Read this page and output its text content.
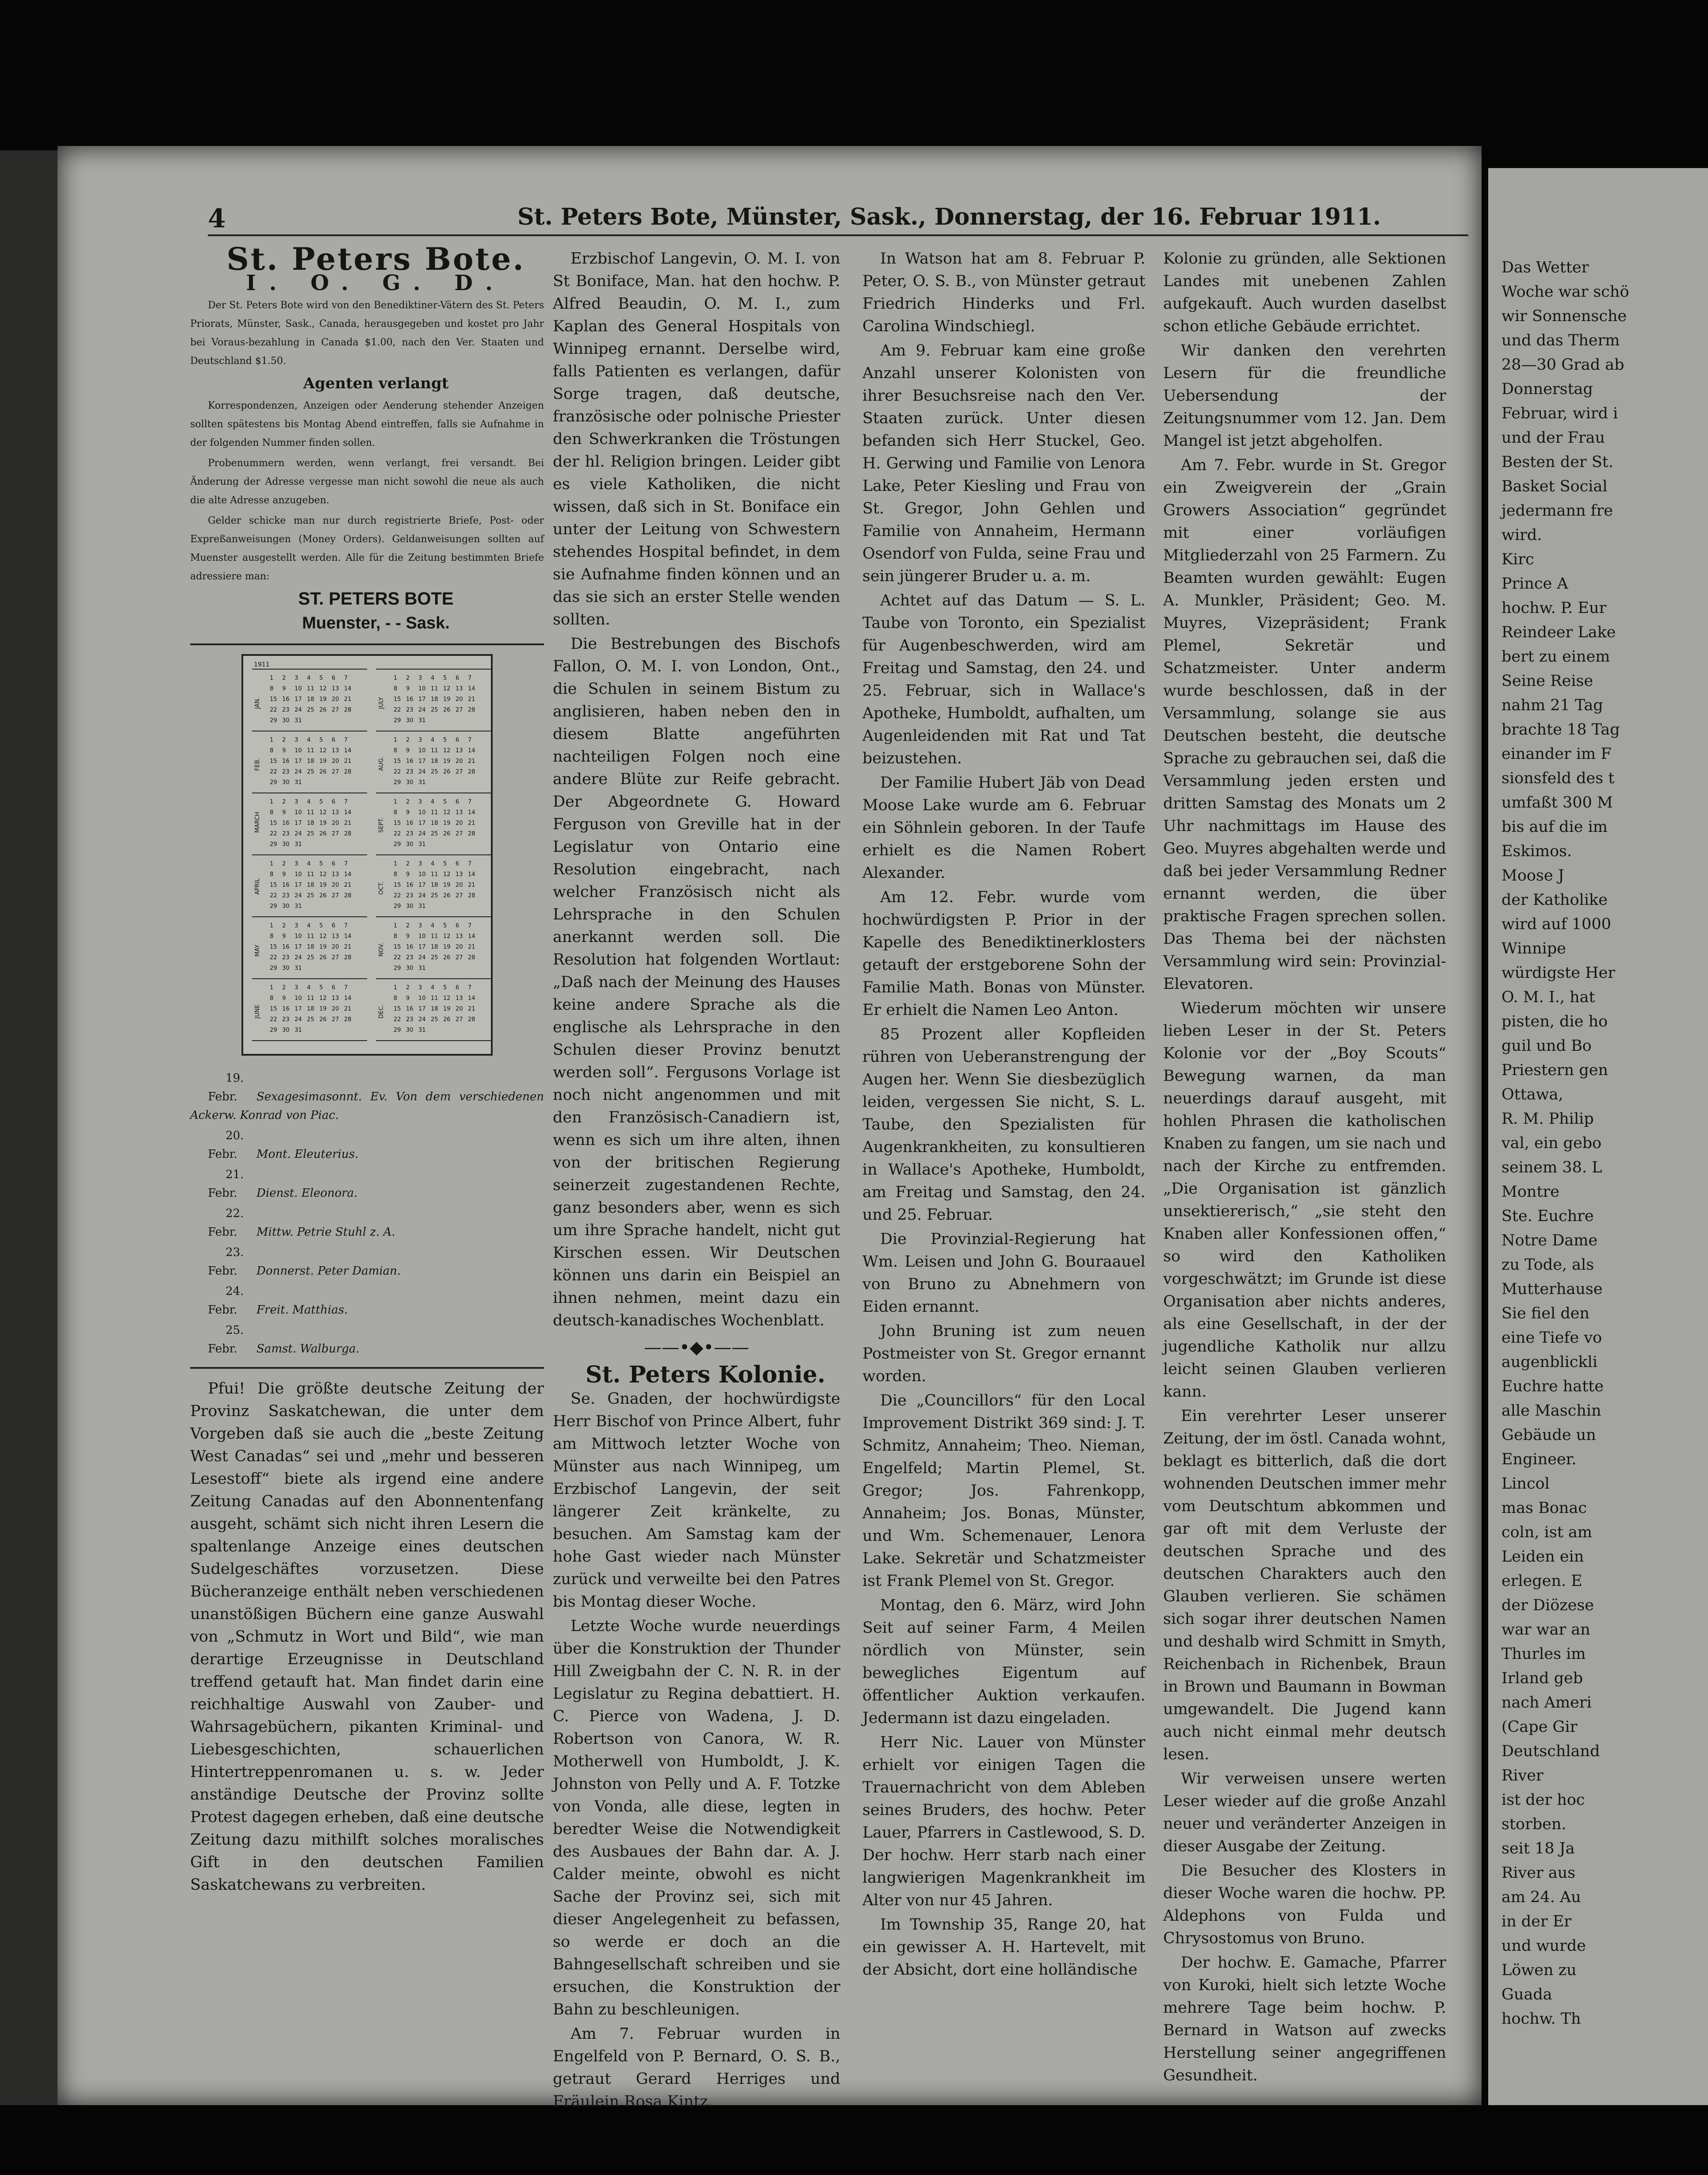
4	St. Peters Bote, Münster, Sask., Donnerstag, der 16. Februar 1911.

St. Peters Bote.

I. O. G. D.

Der St. Peters Bote wird von den Benediktiner-Vätern des St. Peters Priorats, Münster, Sask., Canada, herausgegeben und kostet pro Jahr bei Voraus-bezahlung in Canada $1.00, nach den Ver. Staaten und Deutschland $1.50.

Agenten verlangt

Korrespondenzen, Anzeigen oder Aenderung stehender Anzeigen sollten spätestens bis Montag Abend eintreffen, falls sie Aufnahme in der folgenden Nummer finden sollen.

Probenummern werden, wenn verlangt, frei versandt. Bei Änderung der Adresse vergesse man nicht sowohl die neue als auch die alte Adresse anzugeben.

Gelder schicke man nur durch registrierte Briefe, Post- oder Expreßanweisungen (Money Orders). Geldanweisungen sollten auf Muenster ausgestellt werden. Alle für die Zeitung bestimmten Briefe adressiere man:

ST. PETERS BOTE

Muenster, - - Sask.

1911
JAN.
1 2 3 4 5 6 7
8 9 10 11 12 13 14
15 16 17 18 19 20 21
22 23 24 25 26 27 28
29 30 31
FEB.
1 2 3 4 5 6 7
8 9 10 11 12 13 14
15 16 17 18 19 20 21
22 23 24 25 26 27 28
29 30 31
MARCH
1 2 3 4 5 6 7
8 9 10 11 12 13 14
15 16 17 18 19 20 21
22 23 24 25 26 27 28
29 30 31
APRIL
1 2 3 4 5 6 7
8 9 10 11 12 13 14
15 16 17 18 19 20 21
22 23 24 25 26 27 28
29 30 31
MAY
1 2 3 4 5 6 7
8 9 10 11 12 13 14
15 16 17 18 19 20 21
22 23 24 25 26 27 28
29 30 31
JUNE
1 2 3 4 5 6 7
8 9 10 11 12 13 14
15 16 17 18 19 20 21
22 23 24 25 26 27 28
29 30 31
JULY
1 2 3 4 5 6 7
8 9 10 11 12 13 14
15 16 17 18 19 20 21
22 23 24 25 26 27 28
29 30 31
AUG.
1 2 3 4 5 6 7
8 9 10 11 12 13 14
15 16 17 18 19 20 21
22 23 24 25 26 27 28
29 30 31
SEPT.
1 2 3 4 5 6 7
8 9 10 11 12 13 14
15 16 17 18 19 20 21
22 23 24 25 26 27 28
29 30 31
OCT.
1 2 3 4 5 6 7
8 9 10 11 12 13 14
15 16 17 18 19 20 21
22 23 24 25 26 27 28
29 30 31
NOV.
1 2 3 4 5 6 7
8 9 10 11 12 13 14
15 16 17 18 19 20 21
22 23 24 25 26 27 28
29 30 31
DEC.
1 2 3 4 5 6 7
8 9 10 11 12 13 14
15 16 17 18 19 20 21
22 23 24 25 26 27 28
29 30 31

19. Febr. Sexagesimasonnt. Ev. Von dem verschiedenen Ackerw. Konrad von Piac.

20. Febr. Mont. Eleuterius.

21. Febr. Dienst. Eleonora.

22. Febr. Mittw. Petrie Stuhl z. A.

23. Febr. Donnerst. Peter Damian.

24. Febr. Freit. Matthias.

25. Febr. Samst. Walburga.

Pfui! Die größte deutsche Zeitung der Provinz Saskatchewan, die unter dem Vorgeben daß sie auch die „beste Zeitung West Canadas“ sei und „mehr und besseren Lesestoff“ biete als irgend eine andere Zeitung Canadas auf den Abonnentenfang ausgeht, schämt sich nicht ihren Lesern die spaltenlange Anzeige eines deutschen Sudelgeschäftes vorzusetzen. Diese Bücheranzeige enthält neben verschiedenen unanstößigen Büchern eine ganze Auswahl von „Schmutz in Wort und Bild“, wie man derartige Erzeugnisse in Deutschland treffend getauft hat. Man findet darin eine reichhaltige Auswahl von Zauber- und Wahrsagebüchern, pikanten Kriminal- und Liebesgeschichten, schauerlichen Hintertreppenromanen u. s. w. Jeder anständige Deutsche der Provinz sollte Protest dagegen erheben, daß eine deutsche Zeitung dazu mithilft solches moralisches Gift in den deutschen Familien Saskatchewans zu verbreiten.

Erzbischof Langevin, O. M. I. von St Boniface, Man. hat den hochw. P. Alfred Beaudin, O. M. I., zum Kaplan des General Hospitals von Winnipeg ernannt. Derselbe wird, falls Patienten es verlangen, dafür Sorge tragen, daß deutsche, französische oder polnische Priester den Schwerkranken die Tröstungen der hl. Religion bringen. Leider gibt es viele Katholiken, die nicht wissen, daß sich in St. Boniface ein unter der Leitung von Schwestern stehendes Hospital befindet, in dem sie Aufnahme finden können und an das sie sich an erster Stelle wenden sollten.

Die Bestrebungen des Bischofs Fallon, O. M. I. von London, Ont., die Schulen in seinem Bistum zu anglisieren, haben neben den in diesem Blatte angeführten nachteiligen Folgen noch eine andere Blüte zur Reife gebracht. Der Abgeordnete G. Howard Ferguson von Greville hat in der Legislatur von Ontario eine Resolution eingebracht, nach welcher Französisch nicht als Lehrsprache in den Schulen anerkannt werden soll. Die Resolution hat folgenden Wortlaut: „Daß nach der Meinung des Hauses keine andere Sprache als die englische als Lehrsprache in den Schulen dieser Provinz benutzt werden soll“. Fergusons Vorlage ist noch nicht angenommen und mit den Französisch-Canadiern ist, wenn es sich um ihre alten, ihnen von der britischen Regierung seinerzeit zugestandenen Rechte, ganz besonders aber, wenn es sich um ihre Sprache handelt, nicht gut Kirschen essen. Wir Deutschen können uns darin ein Beispiel an ihnen nehmen, meint dazu ein deutsch-kanadisches Wochenblatt.

——•◆•——

St. Peters Kolonie.

Se. Gnaden, der hochwürdigste Herr Bischof von Prince Albert, fuhr am Mittwoch letzter Woche von Münster aus nach Winnipeg, um Erzbischof Langevin, der seit längerer Zeit kränkelte, zu besuchen. Am Samstag kam der hohe Gast wieder nach Münster zurück und verweilte bei den Patres bis Montag dieser Woche.

Letzte Woche wurde neuerdings über die Konstruktion der Thunder Hill Zweigbahn der C. N. R. in der Legislatur zu Regina debattiert. H. C. Pierce von Wadena, J. D. Robertson von Canora, W. R. Motherwell von Humboldt, J. K. Johnston von Pelly und A. F. Totzke von Vonda, alle diese, legten in beredter Weise die Notwendigkeit des Ausbaues der Bahn dar. A. J. Calder meinte, obwohl es nicht Sache der Provinz sei, sich mit dieser Angelegenheit zu befassen, so werde er doch an die Bahngesellschaft schreiben und sie ersuchen, die Konstruktion der Bahn zu beschleunigen.

Am 7. Februar wurden in Engelfeld von P. Bernard, O. S. B., getraut Gerard Herriges und Fräulein Rosa Kintz.

In Watson hat am 8. Februar P. Peter, O. S. B., von Münster getraut Friedrich Hinderks und Frl. Carolina Windschiegl.

Am 9. Februar kam eine große Anzahl unserer Kolonisten von ihrer Besuchsreise nach den Ver. Staaten zurück. Unter diesen befanden sich Herr Stuckel, Geo. H. Gerwing und Familie von Lenora Lake, Peter Kiesling und Frau von St. Gregor, John Gehlen und Familie von Annaheim, Hermann Osendorf von Fulda, seine Frau und sein jüngerer Bruder u. a. m.

Achtet auf das Datum — S. L. Taube von Toronto, ein Spezialist für Augenbeschwerden, wird am Freitag und Samstag, den 24. und 25. Februar, sich in Wallace's Apotheke, Humboldt, aufhalten, um Augenleidenden mit Rat und Tat beizustehen.

Der Familie Hubert Jäb von Dead Moose Lake wurde am 6. Februar ein Söhnlein geboren. In der Taufe erhielt es die Namen Robert Alexander.

Am 12. Febr. wurde vom hochwürdigsten P. Prior in der Kapelle des Benediktinerklosters getauft der erstgeborene Sohn der Familie Math. Bonas von Münster. Er erhielt die Namen Leo Anton.

85 Prozent aller Kopfleiden rühren von Ueberanstrengung der Augen her. Wenn Sie diesbezüglich leiden, vergessen Sie nicht, S. L. Taube, den Spezialisten für Augenkrankheiten, zu konsultieren in Wallace's Apotheke, Humboldt, am Freitag und Samstag, den 24. und 25. Februar.

Die Provinzial-Regierung hat Wm. Leisen und John G. Bouraauel von Bruno zu Abnehmern von Eiden ernannt.

John Bruning ist zum neuen Postmeister von St. Gregor ernannt worden.

Die „Councillors“ für den Local Improvement Distrikt 369 sind: J. T. Schmitz, Annaheim; Theo. Nieman, Engelfeld; Martin Plemel, St. Gregor; Jos. Fahrenkopp, Annaheim; Jos. Bonas, Münster, und Wm. Schemenauer, Lenora Lake. Sekretär und Schatzmeister ist Frank Plemel von St. Gregor.

Montag, den 6. März, wird John Seit auf seiner Farm, 4 Meilen nördlich von Münster, sein bewegliches Eigentum auf öffentlicher Auktion verkaufen. Jedermann ist dazu eingeladen.

Herr Nic. Lauer von Münster erhielt vor einigen Tagen die Trauernachricht von dem Ableben seines Bruders, des hochw. Peter Lauer, Pfarrers in Castlewood, S. D. Der hochw. Herr starb nach einer langwierigen Magenkrankheit im Alter von nur 45 Jahren.

Im Township 35, Range 20, hat ein gewisser A. H. Hartevelt, mit der Absicht, dort eine holländische

Kolonie zu gründen, alle Sektionen Landes mit unebenen Zahlen aufgekauft. Auch wurden daselbst schon etliche Gebäude errichtet.

Wir danken den verehrten Lesern für die freundliche Uebersendung der Zeitungsnummer vom 12. Jan. Dem Mangel ist jetzt abgeholfen.

Am 7. Febr. wurde in St. Gregor ein Zweigverein der „Grain Growers Association“ gegründet mit einer vorläufigen Mitgliederzahl von 25 Farmern. Zu Beamten wurden gewählt: Eugen A. Munkler, Präsident; Geo. M. Muyres, Vizepräsident; Frank Plemel, Sekretär und Schatzmeister. Unter anderm wurde beschlossen, daß in der Versammlung, solange sie aus Deutschen besteht, die deutsche Sprache zu gebrauchen sei, daß die Versammlung jeden ersten und dritten Samstag des Monats um 2 Uhr nachmittags im Hause des Geo. Muyres abgehalten werde und daß bei jeder Versammlung Redner ernannt werden, die über praktische Fragen sprechen sollen. Das Thema bei der nächsten Versammlung wird sein: Provinzial-Elevatoren.

Wiederum möchten wir unsere lieben Leser in der St. Peters Kolonie vor der „Boy Scouts“ Bewegung warnen, da man neuerdings darauf ausgeht, mit hohlen Phrasen die katholischen Knaben zu fangen, um sie nach und nach der Kirche zu entfremden. „Die Organisation ist gänzlich unsektiererisch,“ „sie steht den Knaben aller Konfessionen offen,“ so wird den Katholiken vorgeschwätzt; im Grunde ist diese Organisation aber nichts anderes, als eine Gesellschaft, in der der jugendliche Katholik nur allzu leicht seinen Glauben verlieren kann.

Ein verehrter Leser unserer Zeitung, der im östl. Canada wohnt, beklagt es bitterlich, daß die dort wohnenden Deutschen immer mehr vom Deutschtum abkommen und gar oft mit dem Verluste der deutschen Sprache und des deutschen Charakters auch den Glauben verlieren. Sie schämen sich sogar ihrer deutschen Namen und deshalb wird Schmitt in Smyth, Reichenbach in Richenbek, Braun in Brown und Baumann in Bowman umgewandelt. Die Jugend kann auch nicht einmal mehr deutsch lesen.

Wir verweisen unsere werten Leser wieder auf die große Anzahl neuer und veränderter Anzeigen in dieser Ausgabe der Zeitung.

Die Besucher des Klosters in dieser Woche waren die hochw. PP. Aldephons von Fulda und Chrysostomus von Bruno.

Der hochw. E. Gamache, Pfarrer von Kuroki, hielt sich letzte Woche mehrere Tage beim hochw. P. Bernard in Watson auf zwecks Herstellung seiner angegriffenen Gesundheit.

Das Wetter
Woche war schö
wir Sonnensche
und das Therm
28—30 Grad ab
Donnerstag
Februar, wird i
und der Frau
Besten der St.
Basket Social
jedermann fre
wird.
Kirc
Prince A
hochw. P. Eur
Reindeer Lake
bert zu einem
Seine Reise
nahm 21 Tag
brachte 18 Tag
einander im F
sionsfeld des t
umfaßt 300 M
bis auf die im
Eskimos.
Moose J
der Katholike
wird auf 1000
Winnipe
würdigste Her
O. M. I., hat
pisten, die ho
guil und Bo
Priestern gen
Ottawa,
R. M. Philip
val, ein gebo
seinem 38. L
Montre
Ste. Euchre
Notre Dame
zu Tode, als
Mutterhause
Sie fiel den
eine Tiefe vo
augenblickli
Euchre hatte
alle Maschin
Gebäude un
Engineer.
Lincol
mas Bonac
coln, ist am
Leiden ein
erlegen. E
der Diözese
war war an
Thurles im
Irland geb
nach Ameri
(Cape Gir
Deutschland
River
ist der hoc
storben.
seit 18 Ja
River aus
am 24. Au
in der Er
und wurde
Löwen zu
Guada
hochw. Th
